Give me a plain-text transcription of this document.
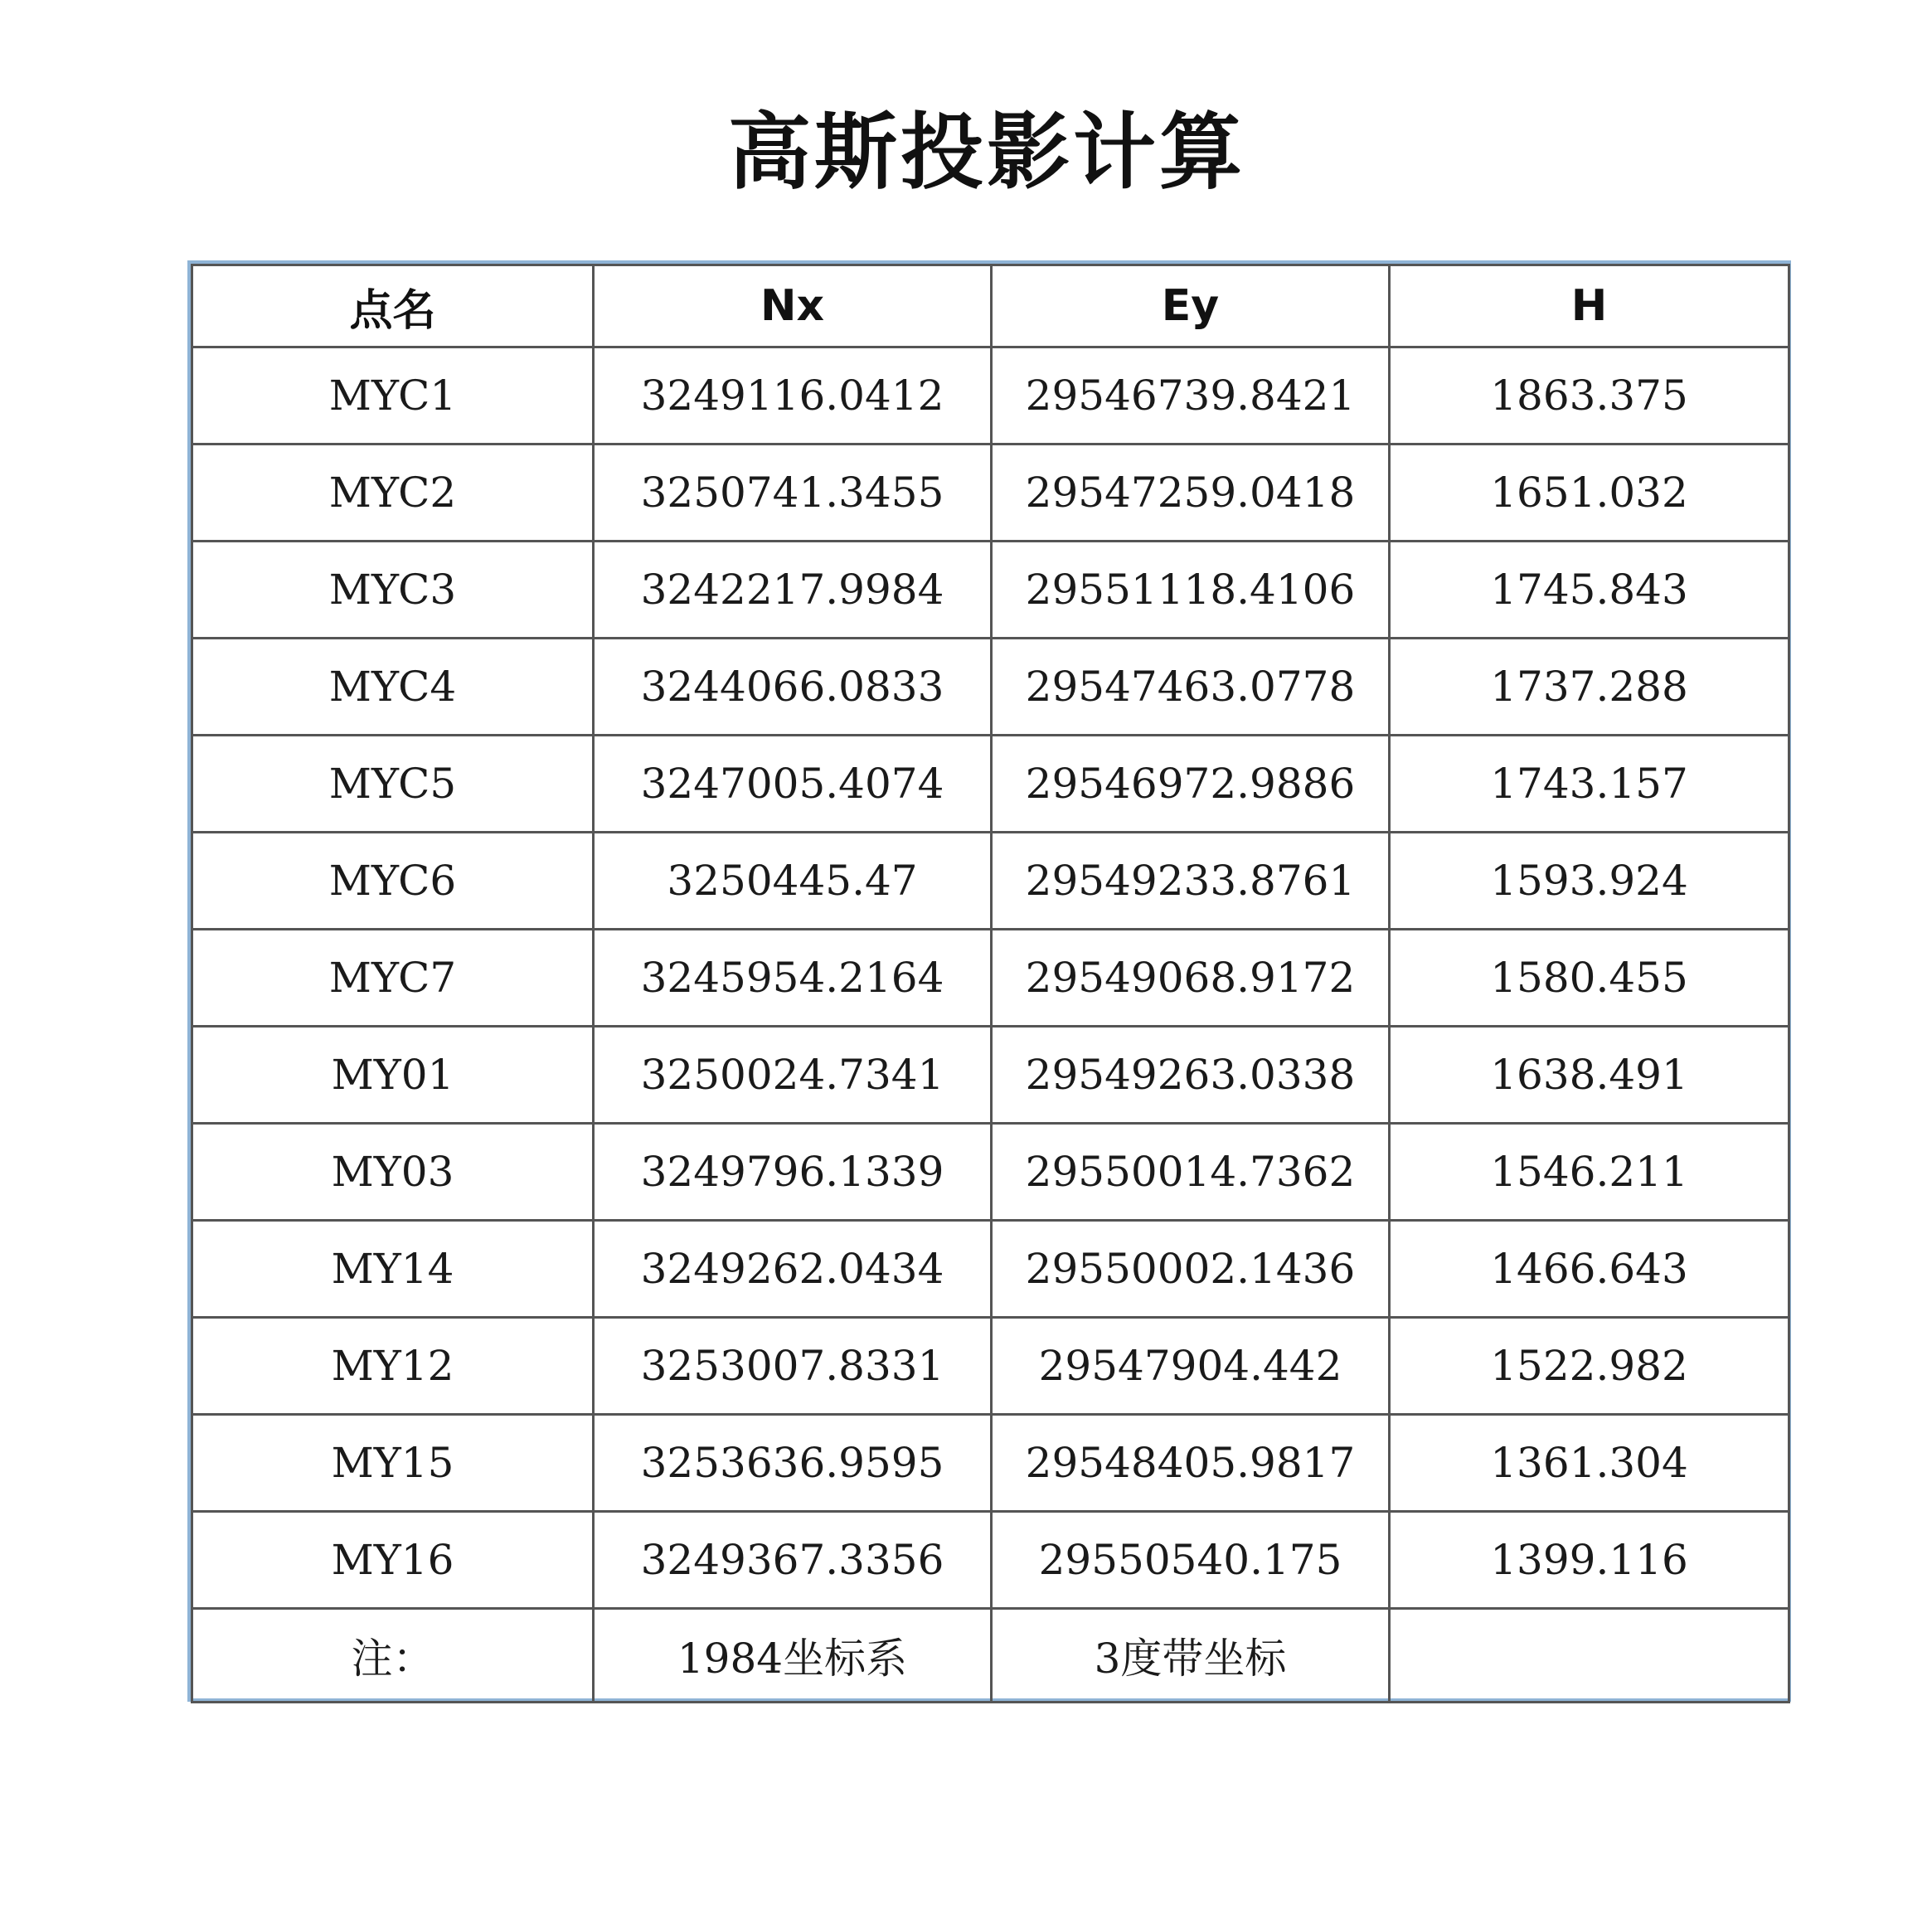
高斯投影计算
点名	Nx	Ey	H
MYC1	3249116.0412	29546739.8421	1863.375
MYC2	3250741.3455	29547259.0418	1651.032
MYC3	3242217.9984	29551118.4106	1745.843
MYC4	3244066.0833	29547463.0778	1737.288
MYC5	3247005.4074	29546972.9886	1743.157
MYC6	3250445.47	29549233.8761	1593.924
MYC7	3245954.2164	29549068.9172	1580.455
MY01	3250024.7341	29549263.0338	1638.491
MY03	3249796.1339	29550014.7362	1546.211
MY14	3249262.0434	29550002.1436	1466.643
MY12	3253007.8331	29547904.442	1522.982
MY15	3253636.9595	29548405.9817	1361.304
MY16	3249367.3356	29550540.175	1399.116
注：	1984坐标系	3度带坐标	
